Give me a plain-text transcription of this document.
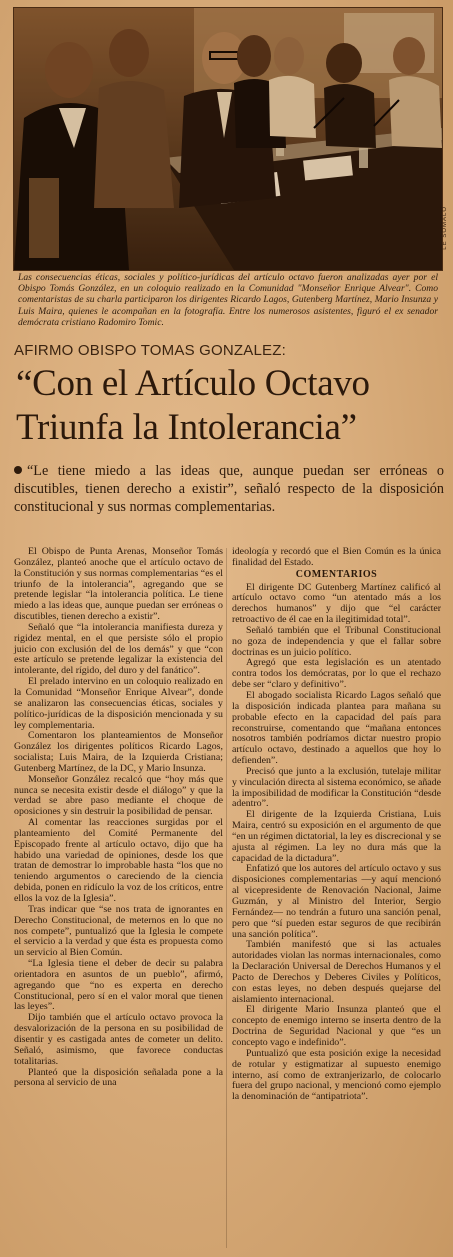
LE SOMALO
Las consecuencias éticas, sociales y político-jurídicas del artículo octavo fueron analizadas ayer por el Obispo Tomás González, en un coloquio realizado en la Comunidad "Monseñor Enrique Alvear". Como comentaristas de su charla participaron los dirigentes Ricardo Lagos, Gutenberg Martínez, Mario Insunza y Luis Maira, quienes le acompañan en la fotografía. Entre los numerosos asistentes, figuró el ex senador demócrata cristiano Radomiro Tomic.
AFIRMO OBISPO TOMAS GONZALEZ:
“Con el Artículo Octavo
Triunfa la Intolerancia”
“Le tiene miedo a las ideas que, aunque puedan ser erróneas o discutibles, tienen derecho a existir”, señaló respecto de la disposición constitucional y sus normas complementarias.

El Obispo de Punta Arenas, Monseñor Tomás González, planteó anoche que el artículo octavo de la Constitución y sus normas complementarias “es el triunfo de la intolerancia”, agregando que se pretende legislar “la intolerancia política. Le tiene miedo a las ideas que, aunque puedan ser erróneas o discutibles, tienen derecho a existir”.

Señaló que “la intolerancia manifiesta dureza y rigidez mental, en el que persiste sólo el propio juicio con exclusión del de los demás” y que “con este artículo se pretende legalizar la existencia del intolerante, del rígido, del duro y del fanático”.

El prelado intervino en un coloquio realizado en la Comunidad “Monseñor Enrique Alvear”, donde se analizaron las consecuencias éticas, sociales y político-jurídicas de la disposición mencionada y su ley complementaria.

Comentaron los planteamientos de Monseñor González los dirigentes políticos Ricardo Lagos, socialista; Luis Maira, de la Izquierda Cristiana; Gutenberg Martínez, de la DC, y Mario Insunza.

Monseñor González recalcó que “hoy más que nunca se necesita existir desde el diálogo” y que la verdad se abre paso mediante el choque de oposiciones y sin destruir la posibilidad de pensar.

Al comentar las reacciones surgidas por el planteamiento del Comité Permanente del Episcopado frente al artículo octavo, dijo que ha habido una variedad de opiniones, desde los que tratan de demostrar lo improbable hasta “los que no teniendo argumentos o careciendo de la ciencia debida, ponen en ridículo la voz de los críticos, entre ellos la voz de la Iglesia”.

Tras indicar que “se nos trata de ignorantes en Derecho Constitucional, de meternos en lo que no nos compete”, puntualizó que la Iglesia le compete el servicio a la verdad y que ésta es propuesta como un servicio al Bien Común.

“La Iglesia tiene el deber de decir su palabra orientadora en asuntos de un pueblo”, afirmó, agregando que “no es experta en derecho Constitucional, pero sí en el valor moral que tienen las leyes”.

Dijo también que el artículo octavo provoca la desvalorización de la persona en su posibilidad de disentir y es castigada antes de cometer un delito. Señaló, asimismo, que favorece conductas totalitarias.

Planteó que la disposición señalada pone a la persona al servicio de una

ideología y recordó que el Bien Común es la única finalidad del Estado.

COMENTARIOS

El dirigente DC Gutenberg Martínez calificó al artículo octavo como “un atentado más a los derechos humanos” y dijo que “el carácter retroactivo de él cae en la ilegitimidad total”.

Señaló también que el Tribunal Constitucional no goza de independencia y que el fallar sobre doctrinas es un juicio político.

Agregó que esta legislación es un atentado contra todos los demócratas, por lo que el rechazo debe ser “claro y definitivo”.

El abogado socialista Ricardo Lagos señaló que la disposición indicada plantea para mañana su probable efecto en la capacidad del país para reconstruirse, comentando que “mañana entonces nosotros también podríamos dictar nuestro propio artículo octavo, destinado a aquellos que hoy lo defienden”.

Precisó que junto a la exclusión, tutelaje militar y vinculación directa al sistema económico, se añade la imposibilidad de modificar la Constitución “desde adentro”.

El dirigente de la Izquierda Cristiana, Luis Maira, centró su exposición en el argumento de que “en un régimen dictatorial, la ley es discrecional y se ajusta al régimen. La ley no dura más que la capacidad de la dictadura”.

Enfatizó que los autores del artículo octavo y sus disposiciones complementarias —y aquí mencionó al vicepresidente de Renovación Nacional, Jaime Guzmán, y al Ministro del Interior, Sergio Fernández— no tendrán a futuro una sanción penal, pero que “sí pueden estar seguros de que recibirán una sanción política”.

También manifestó que si las actuales autoridades violan las normas internacionales, como la Declaración Universal de Derechos Humanos y el Pacto de Derechos y Deberes Civiles y Políticos, con estas leyes, no deben después quejarse del aislamiento internacional.

El dirigente Mario Insunza planteó que el concepto de enemigo interno se inserta dentro de la Doctrina de Seguridad Nacional y que “es un concepto vago e indefinido”.

Puntualizó que esta posición exige la necesidad de rotular y estigmatizar al supuesto enemigo interno, así como de extranjerizarlo, de colocarlo fuera del grupo nacional, y mencionó como ejemplo la denominación de “antipatriota”.
